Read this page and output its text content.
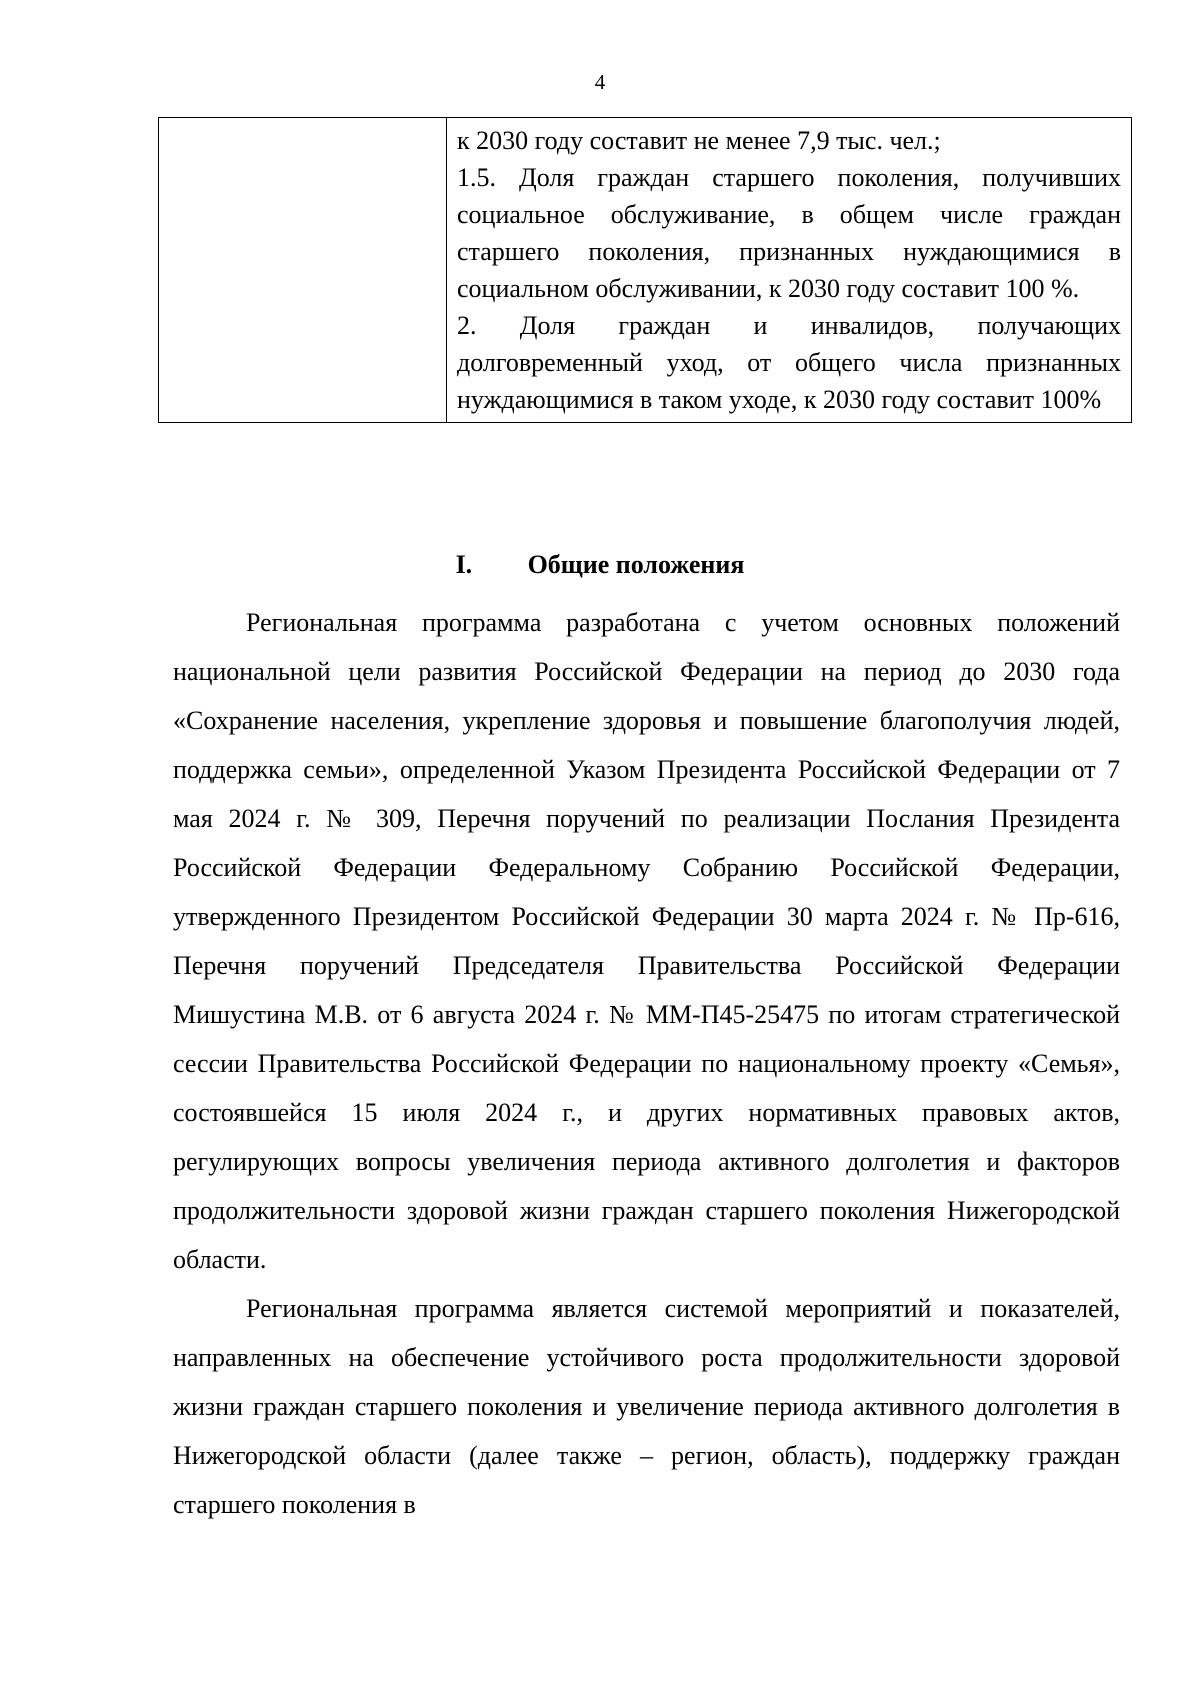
4

к 2030 году составит не менее 7,9 тыс. чел.;

1.5. Доля граждан старшего поколения, получивших социальное обслуживание, в общем числе граждан старшего поколения, признанных нуждающимися в социальном обслуживании, к 2030 году составит 100 %.

2. Доля граждан и инвалидов, получающих долговременный уход, от общего числа признанных нуждающимися в таком уходе, к 2030 году составит 100%

I. Общие положения

Региональная программа разработана с учетом основных положений национальной цели развития Российской Федерации на период до 2030 года «Сохранение населения, укрепление здоровья и повышение благополучия людей, поддержка семьи», определенной Указом Президента Российской Федерации от 7 мая 2024 г. № 309, Перечня поручений по реализации Послания Президента Российской Федерации Федеральному Собранию Российской Федерации, утвержденного Президентом Российской Федерации 30 марта 2024 г. № Пр-616, Перечня поручений Председателя Правительства Российской Федерации Мишустина М.В. от 6 августа 2024 г. № ММ-П45-25475 по итогам стратегической сессии Правительства Российской Федерации по национальному проекту «Семья», состоявшейся 15 июля 2024 г., и других нормативных правовых актов, регулирующих вопросы увеличения периода активного долголетия и факторов продолжительности здоровой жизни граждан старшего поколения Нижегородской области.

Региональная программа является системой мероприятий и показателей, направленных на обеспечение устойчивого роста продолжительности здоровой жизни граждан старшего поколения и увеличение периода активного долголетия в Нижегородской области (далее также – регион, область), поддержку граждан старшего поколения в
